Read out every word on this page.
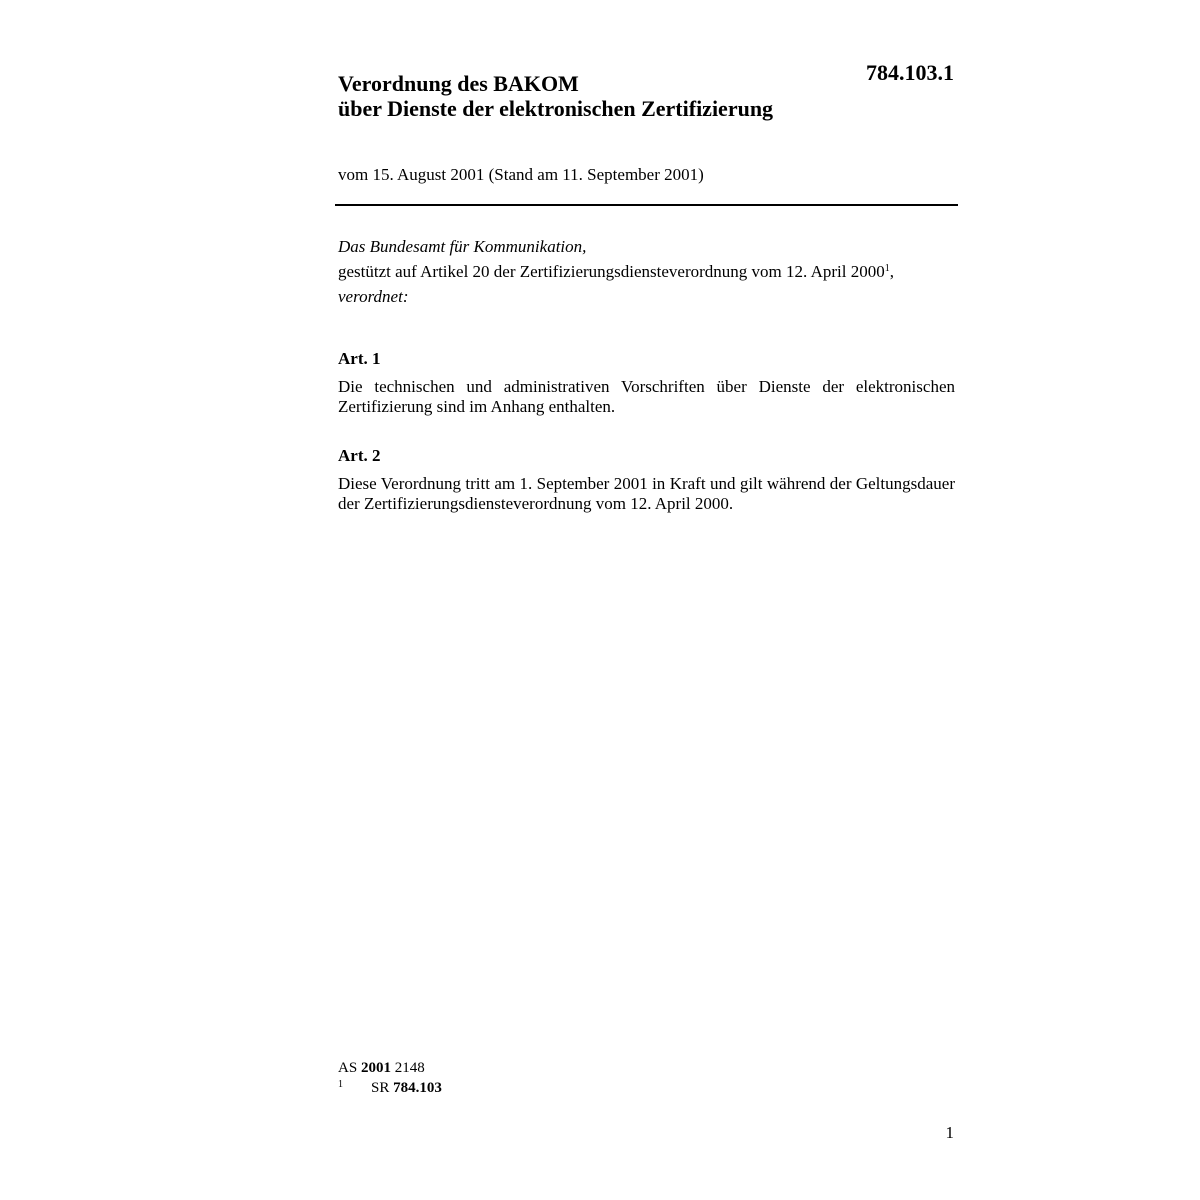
784.103.1
Verordnung des BAKOM
über Dienste der elektronischen Zertifizierung
vom 15. August 2001 (Stand am 11. September 2001)
Das Bundesamt für Kommunikation,
gestützt auf Artikel 20 der Zertifizierungsdiensteverordnung vom 12. April 2000$^1$,
verordnet:
Art. 1
Die technischen und administrativen Vorschriften über Dienste der elektronischen Zertifizierung sind im Anhang enthalten.
Art. 2
Diese Verordnung tritt am 1. September 2001 in Kraft und gilt während der Geltungsdauer der Zertifizierungsdiensteverordnung vom 12. April 2000.
AS 2001 2148
1 SR 784.103
1
